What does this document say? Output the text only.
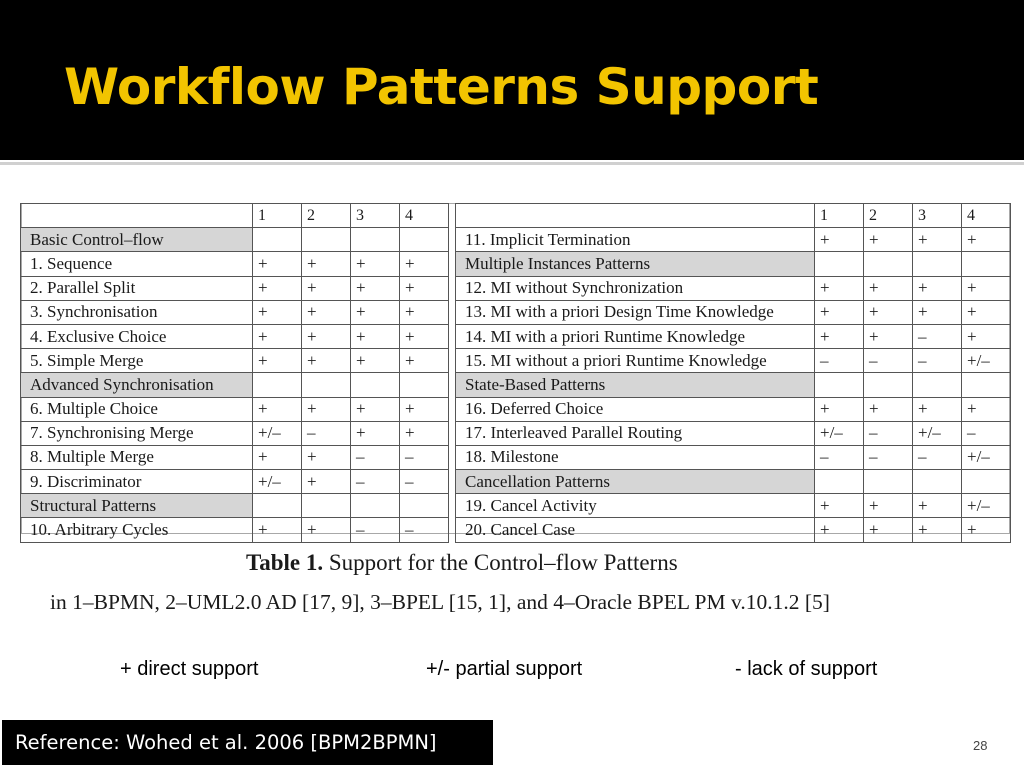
Workflow Patterns Support
	1	2	3	4			1	2	3	4
Basic Control–flow						11. Implicit Termination	+	+	+	+
1. Sequence	+	+	+	+		Multiple Instances Patterns				
2. Parallel Split	+	+	+	+		12. MI without Synchronization	+	+	+	+
3. Synchronisation	+	+	+	+		13. MI with a priori Design Time Knowledge	+	+	+	+
4. Exclusive Choice	+	+	+	+		14. MI with a priori Runtime Knowledge	+	+	–	+
5. Simple Merge	+	+	+	+		15. MI without a priori Runtime Knowledge	–	–	–	+/–
Advanced Synchronisation						State-Based Patterns				
6. Multiple Choice	+	+	+	+		16. Deferred Choice	+	+	+	+
7. Synchronising Merge	+/–	–	+	+		17. Interleaved Parallel Routing	+/–	–	+/–	–
8. Multiple Merge	+	+	–	–		18. Milestone	–	–	–	+/–
9. Discriminator	+/–	+	–	–		Cancellation Patterns				
Structural Patterns						19. Cancel Activity	+	+	+	+/–
10. Arbitrary Cycles	+	+	–	–		20. Cancel Case	+	+	+	+
Table 1. Support for the Control–flow Patterns
in 1–BPMN, 2–UML2.0 AD [17, 9], 3–BPEL [15, 1], and 4–Oracle BPEL PM v.10.1.2 [5]
+ direct support	+/- partial support	- lack of support
Reference: Wohed et al. 2006 [BPM2BPMN]	28
